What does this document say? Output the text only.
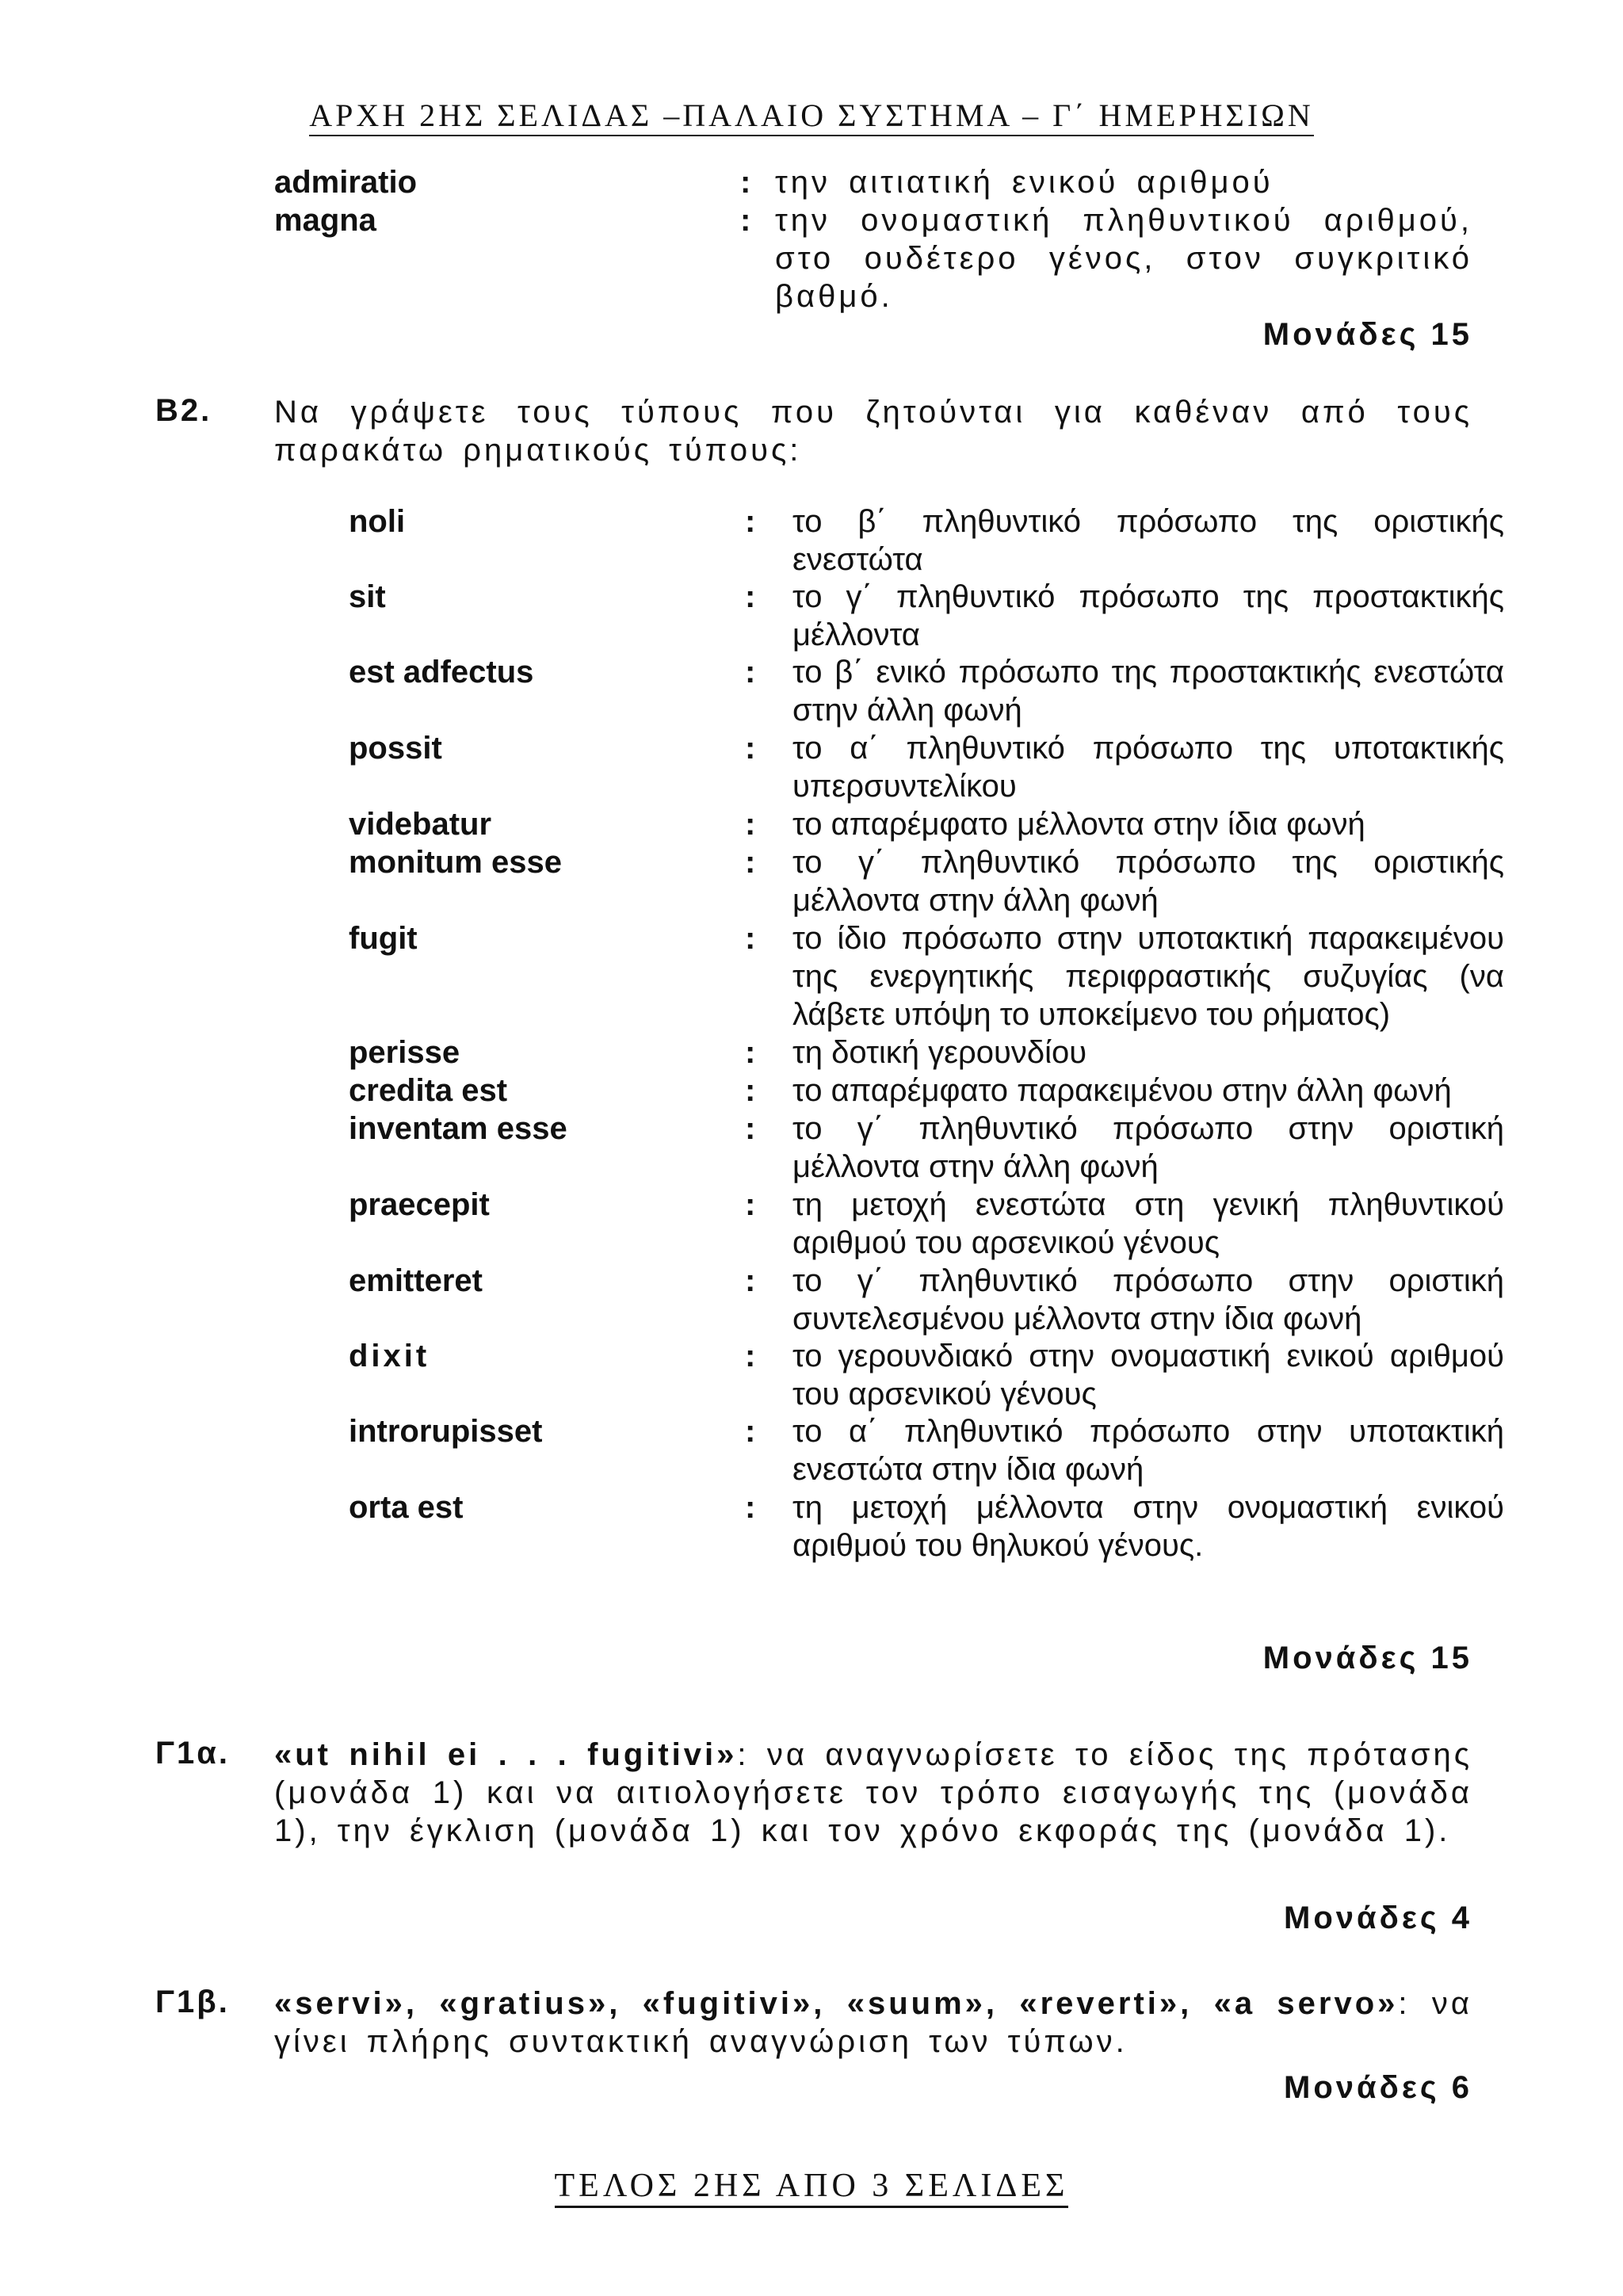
ΑΡΧΗ 2ΗΣ ΣΕΛΙΔΑΣ –ΠΑΛΑΙΟ ΣΥΣΤΗΜΑ – Γ΄ ΗΜΕΡΗΣΙΩΝ
admiratio	: την αιτιατική ενικού αριθμού
magna	: την ονομαστική πληθυντικού αριθμού, στο ουδέτερο γένος, στον συγκριτικό βαθμό.
Μονάδες 15
Β2. Να γράψετε τους τύπους που ζητούνται για καθέναν από τους παρακάτω ρηματικούς τύπους:
noli	: το β΄ πληθυντικό πρόσωπο της οριστικής ενεστώτα
sit	: το γ΄ πληθυντικό πρόσωπο της προστακτικής μέλλοντα
est adfectus	: το β΄ ενικό πρόσωπο της προστακτικής ενεστώτα στην άλλη φωνή
possit	: το α΄ πληθυντικό πρόσωπο της υποτακτικής υπερσυντελίκου
videbatur	: το απαρέμφατο μέλλοντα στην ίδια φωνή
monitum esse	: το γ΄ πληθυντικό πρόσωπο της οριστικής μέλλοντα στην άλλη φωνή
fugit	: το ίδιο πρόσωπο στην υποτακτική παρακειμένου της ενεργητικής περιφραστικής συζυγίας (να λάβετε υπόψη το υποκείμενο του ρήματος)
perisse	: τη δοτική γερουνδίου
credita est	: το απαρέμφατο παρακειμένου στην άλλη φωνή
inventam esse	: το γ΄ πληθυντικό πρόσωπο στην οριστική μέλλοντα στην άλλη φωνή
praecepit	: τη μετοχή ενεστώτα στη γενική πληθυντικού αριθμού του αρσενικού γένους
emitteret	: το γ΄ πληθυντικό πρόσωπο στην οριστική συντελεσμένου μέλλοντα στην ίδια φωνή
dixit	: το γερουνδιακό στην ονομαστική ενικού αριθμού του αρσενικού γένους
introrupisset	: το α΄ πληθυντικό πρόσωπο στην υποτακτική ενεστώτα στην ίδια φωνή
orta est	: τη μετοχή μέλλοντα στην ονομαστική ενικού αριθμού του θηλυκού γένους.
Μονάδες 15
Γ1α. «ut nihil ei . . . fugitivi»: να αναγνωρίσετε το είδος της πρότασης (μονάδα 1) και να αιτιολογήσετε τον τρόπο εισαγωγής της (μονάδα 1), την έγκλιση (μονάδα 1) και τον χρόνο εκφοράς της (μονάδα 1).
Μονάδες 4
Γ1β. «servi», «gratius», «fugitivi», «suum», «reverti», «a servo»: να γίνει πλήρης συντακτική αναγνώριση των τύπων.
Μονάδες 6
ΤΕΛΟΣ 2ΗΣ ΑΠΟ 3 ΣΕΛΙΔΕΣ
